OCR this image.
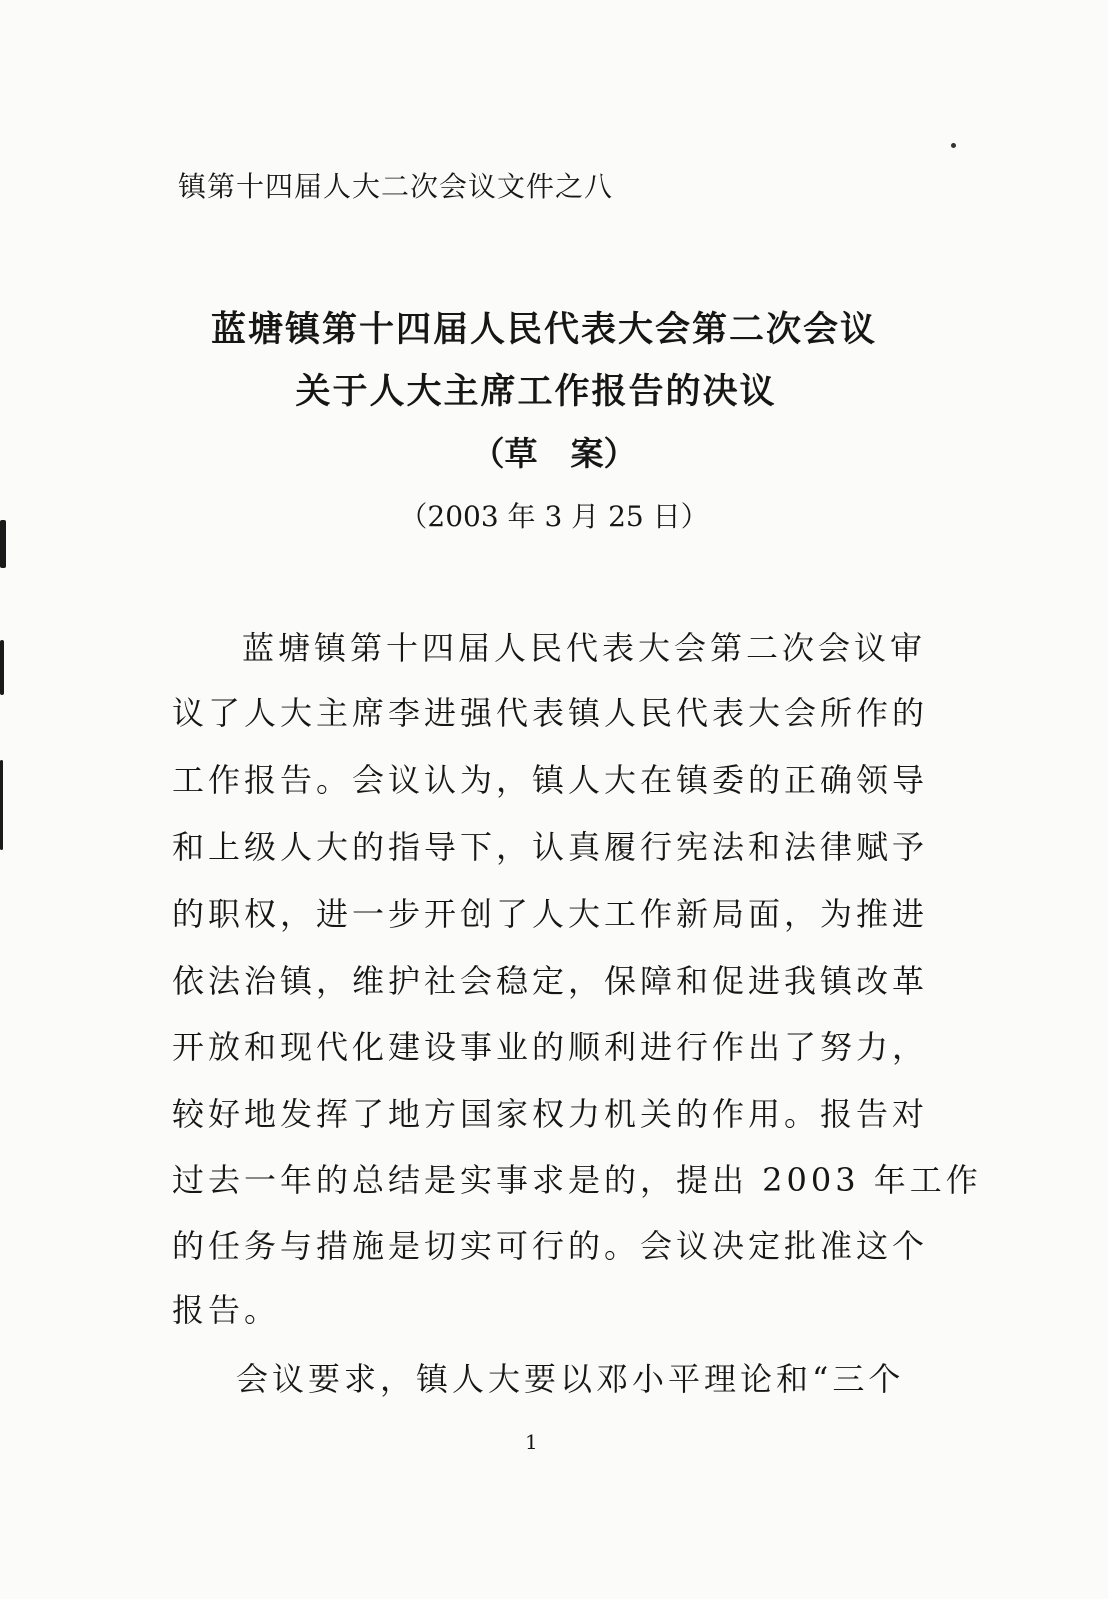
镇第十四届人大二次会议文件之八
蓝塘镇第十四届人民代表大会第二次会议
关于人大主席工作报告的决议
（草　案）
（2003 年 3 月 25 日）
蓝塘镇第十四届人民代表大会第二次会议审
议了人大主席李进强代表镇人民代表大会所作的
工作报告。会议认为，镇人大在镇委的正确领导
和上级人大的指导下，认真履行宪法和法律赋予
的职权，进一步开创了人大工作新局面，为推进
依法治镇，维护社会稳定，保障和促进我镇改革
开放和现代化建设事业的顺利进行作出了努力，
较好地发挥了地方国家权力机关的作用。报告对
过去一年的总结是实事求是的，提出 2003 年工作
的任务与措施是切实可行的。会议决定批准这个
报告。
会议要求，镇人大要以邓小平理论和“三个
1
